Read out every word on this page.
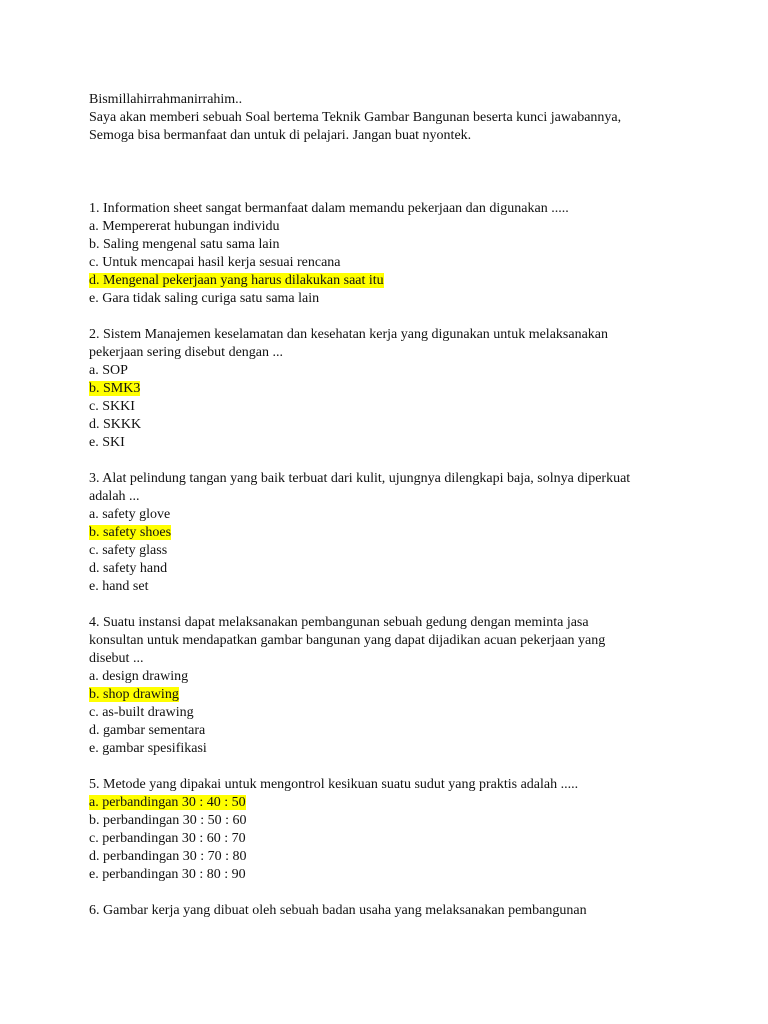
Bismillahirrahmanirrahim..
Saya akan memberi sebuah Soal bertema Teknik Gambar Bangunan beserta kunci jawabannya,
Semoga bisa bermanfaat dan untuk di pelajari. Jangan buat nyontek.
1. Information sheet sangat bermanfaat dalam memandu pekerjaan dan digunakan .....
a. Mempererat hubungan individu
b. Saling mengenal satu sama lain
c. Untuk mencapai hasil kerja sesuai rencana
d. Mengenal pekerjaan yang harus dilakukan saat itu
e. Gara tidak saling curiga satu sama lain
2. Sistem Manajemen keselamatan dan kesehatan kerja yang digunakan untuk melaksanakan
pekerjaan sering disebut dengan ...
a. SOP
b. SMK3
c. SKKI
d. SKKK
e. SKI
3. Alat pelindung tangan yang baik terbuat dari kulit, ujungnya dilengkapi baja, solnya diperkuat
adalah ...
a. safety glove
b. safety shoes
c. safety glass
d. safety hand
e. hand set
4. Suatu instansi dapat melaksanakan pembangunan sebuah gedung dengan meminta jasa
konsultan untuk mendapatkan gambar bangunan yang dapat dijadikan acuan pekerjaan yang
disebut ...
a. design drawing
b. shop drawing
c. as-built drawing
d. gambar sementara
e. gambar spesifikasi
5. Metode yang dipakai untuk mengontrol kesikuan suatu sudut yang praktis adalah .....
a. perbandingan 30 : 40 : 50
b. perbandingan 30 : 50 : 60
c. perbandingan 30 : 60 : 70
d. perbandingan 30 : 70 : 80
e. perbandingan 30 : 80 : 90
6. Gambar kerja yang dibuat oleh sebuah badan usaha yang melaksanakan pembangunan
